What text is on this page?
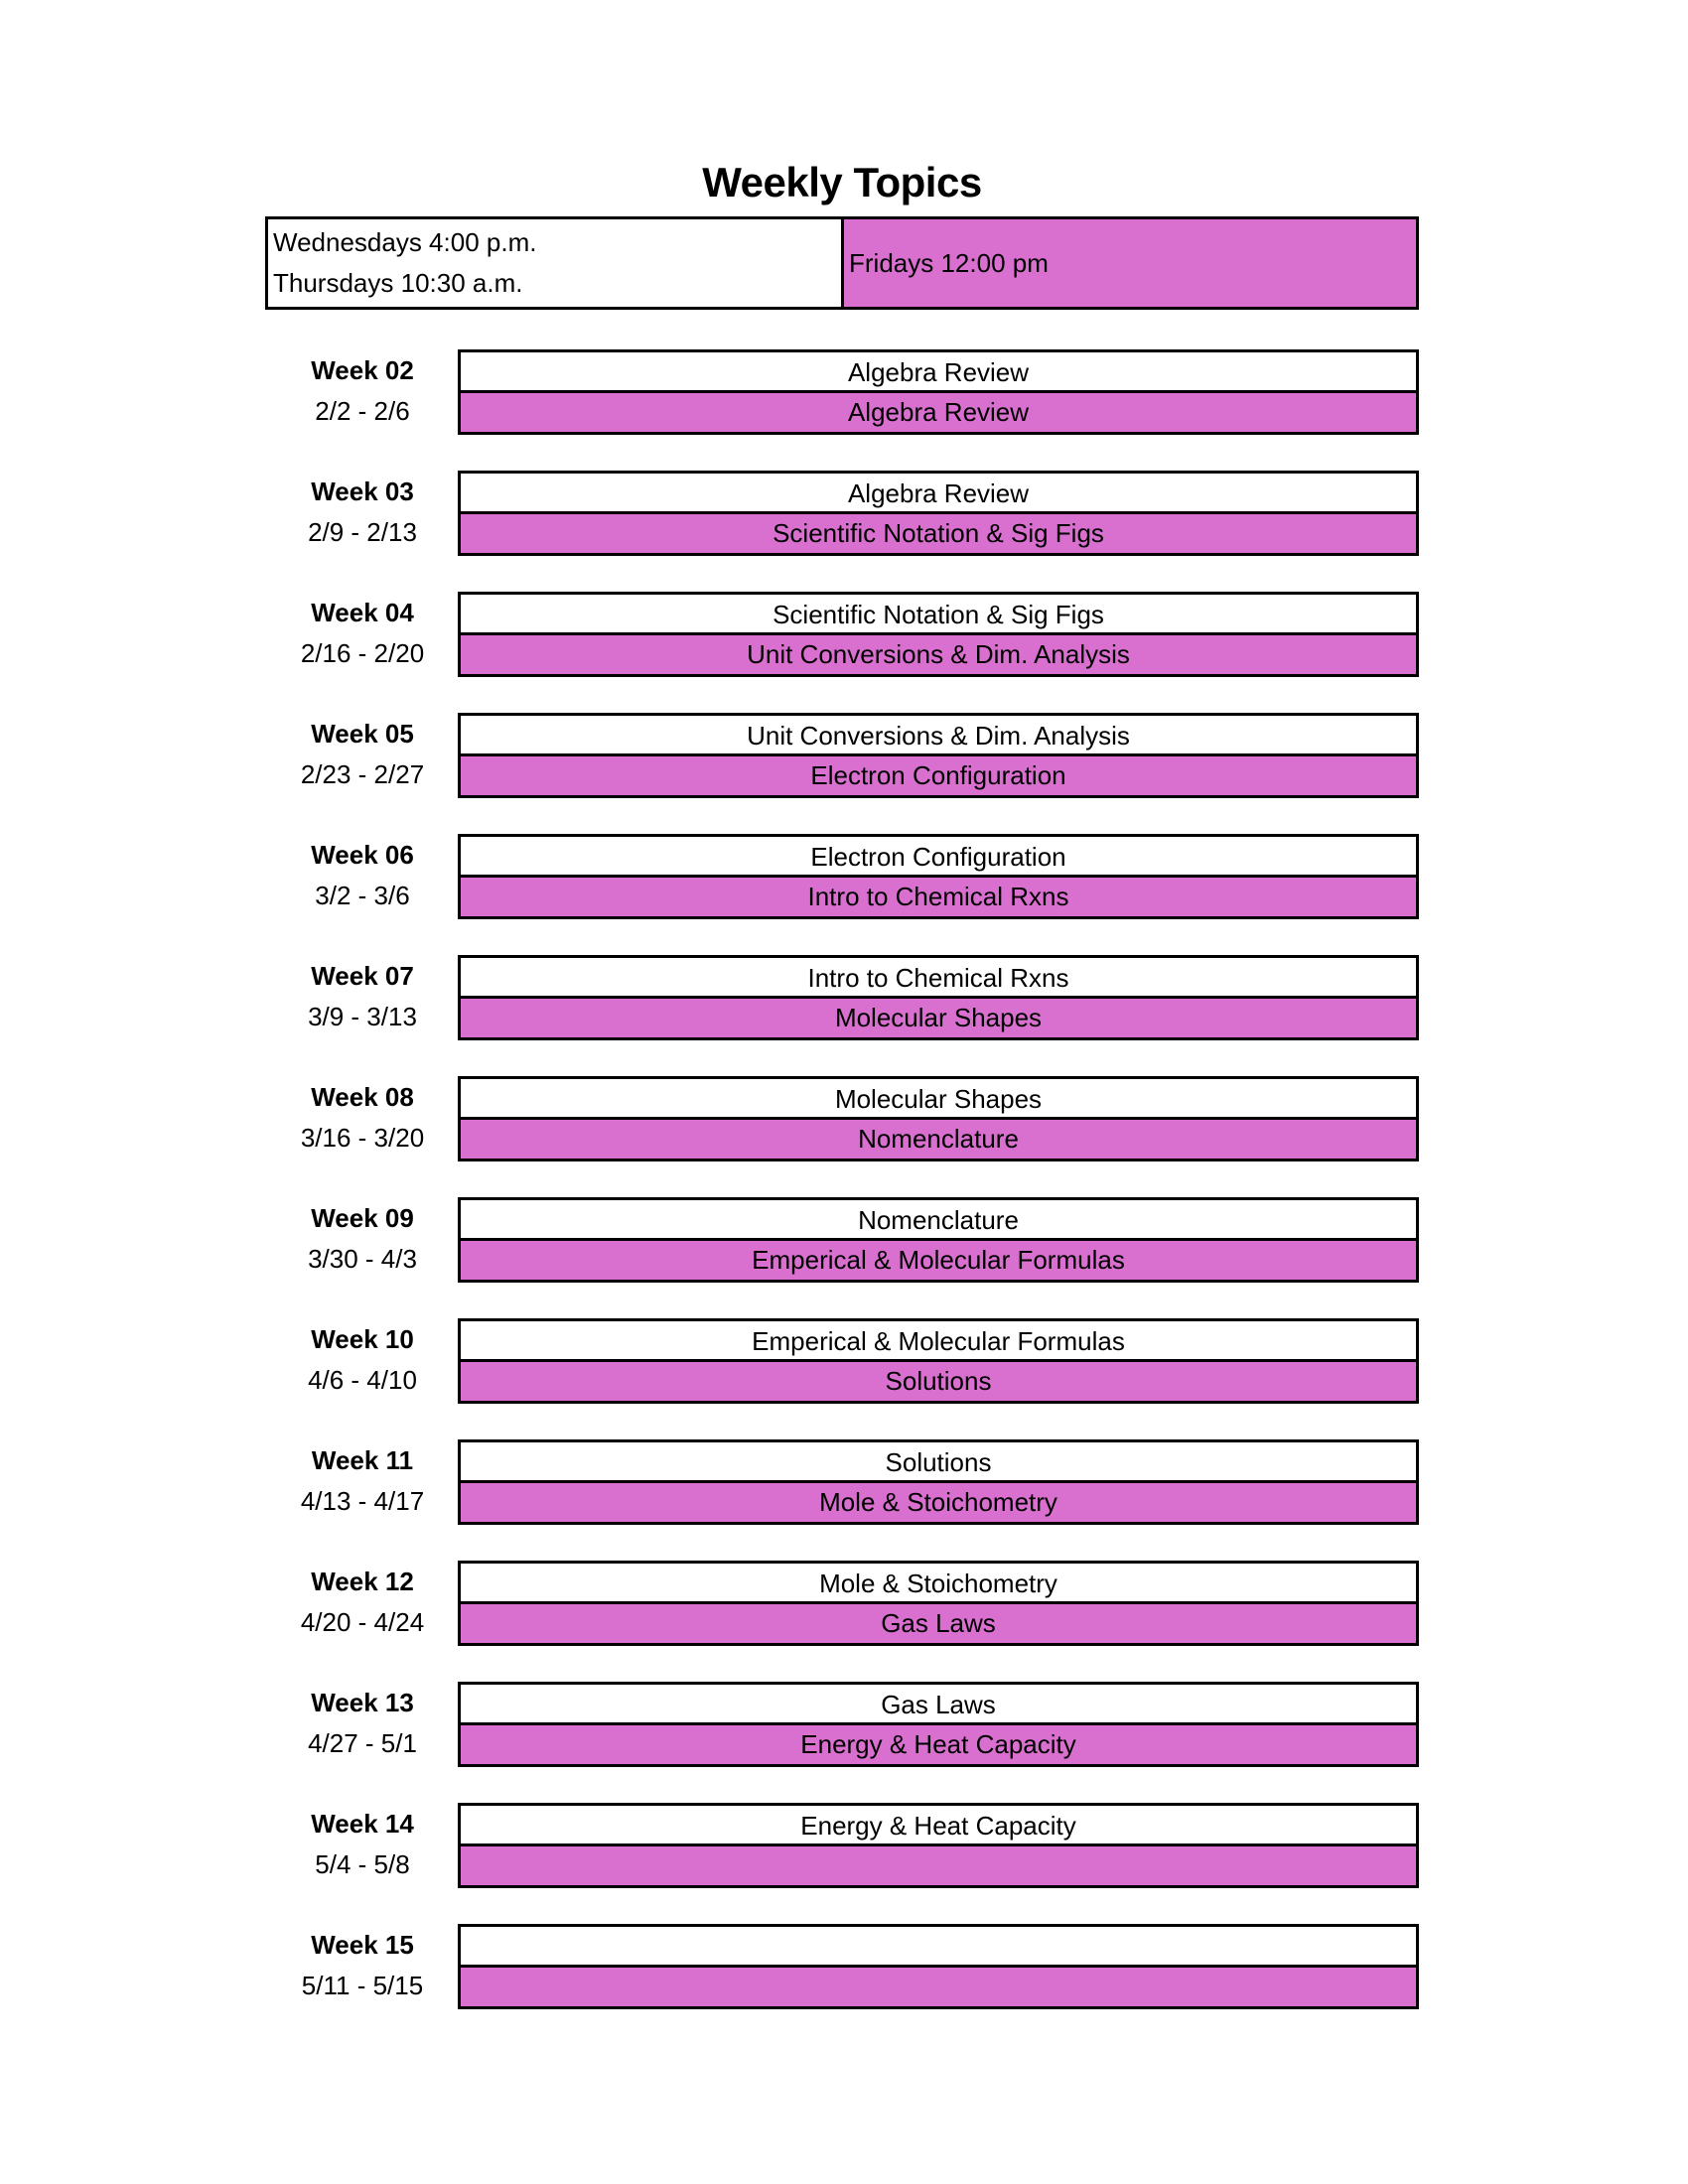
Weekly Topics
Wednesdays 4:00 p.m.
Thursdays 10:30 a.m.
Fridays 12:00 pm
Week 02
2/2 - 2/6
Algebra Review
Algebra Review
Week 03
2/9 - 2/13
Algebra Review
Scientific Notation & Sig Figs
Week 04
2/16 - 2/20
Scientific Notation & Sig Figs
Unit Conversions & Dim. Analysis
Week 05
2/23 - 2/27
Unit Conversions & Dim. Analysis
Electron Configuration
Week 06
3/2 - 3/6
Electron Configuration
Intro to Chemical Rxns
Week 07
3/9 - 3/13
Intro to Chemical Rxns
Molecular Shapes
Week 08
3/16 - 3/20
Molecular Shapes
Nomenclature
Week 09
3/30 - 4/3
Nomenclature
Emperical & Molecular Formulas
Week 10
4/6 - 4/10
Emperical & Molecular Formulas
Solutions
Week 11
4/13 - 4/17
Solutions
Mole & Stoichometry
Week 12
4/20 - 4/24
Mole & Stoichometry
Gas Laws
Week 13
4/27 - 5/1
Gas Laws
Energy & Heat Capacity
Week 14
5/4 - 5/8
Energy & Heat Capacity
Week 15
5/11 - 5/15
